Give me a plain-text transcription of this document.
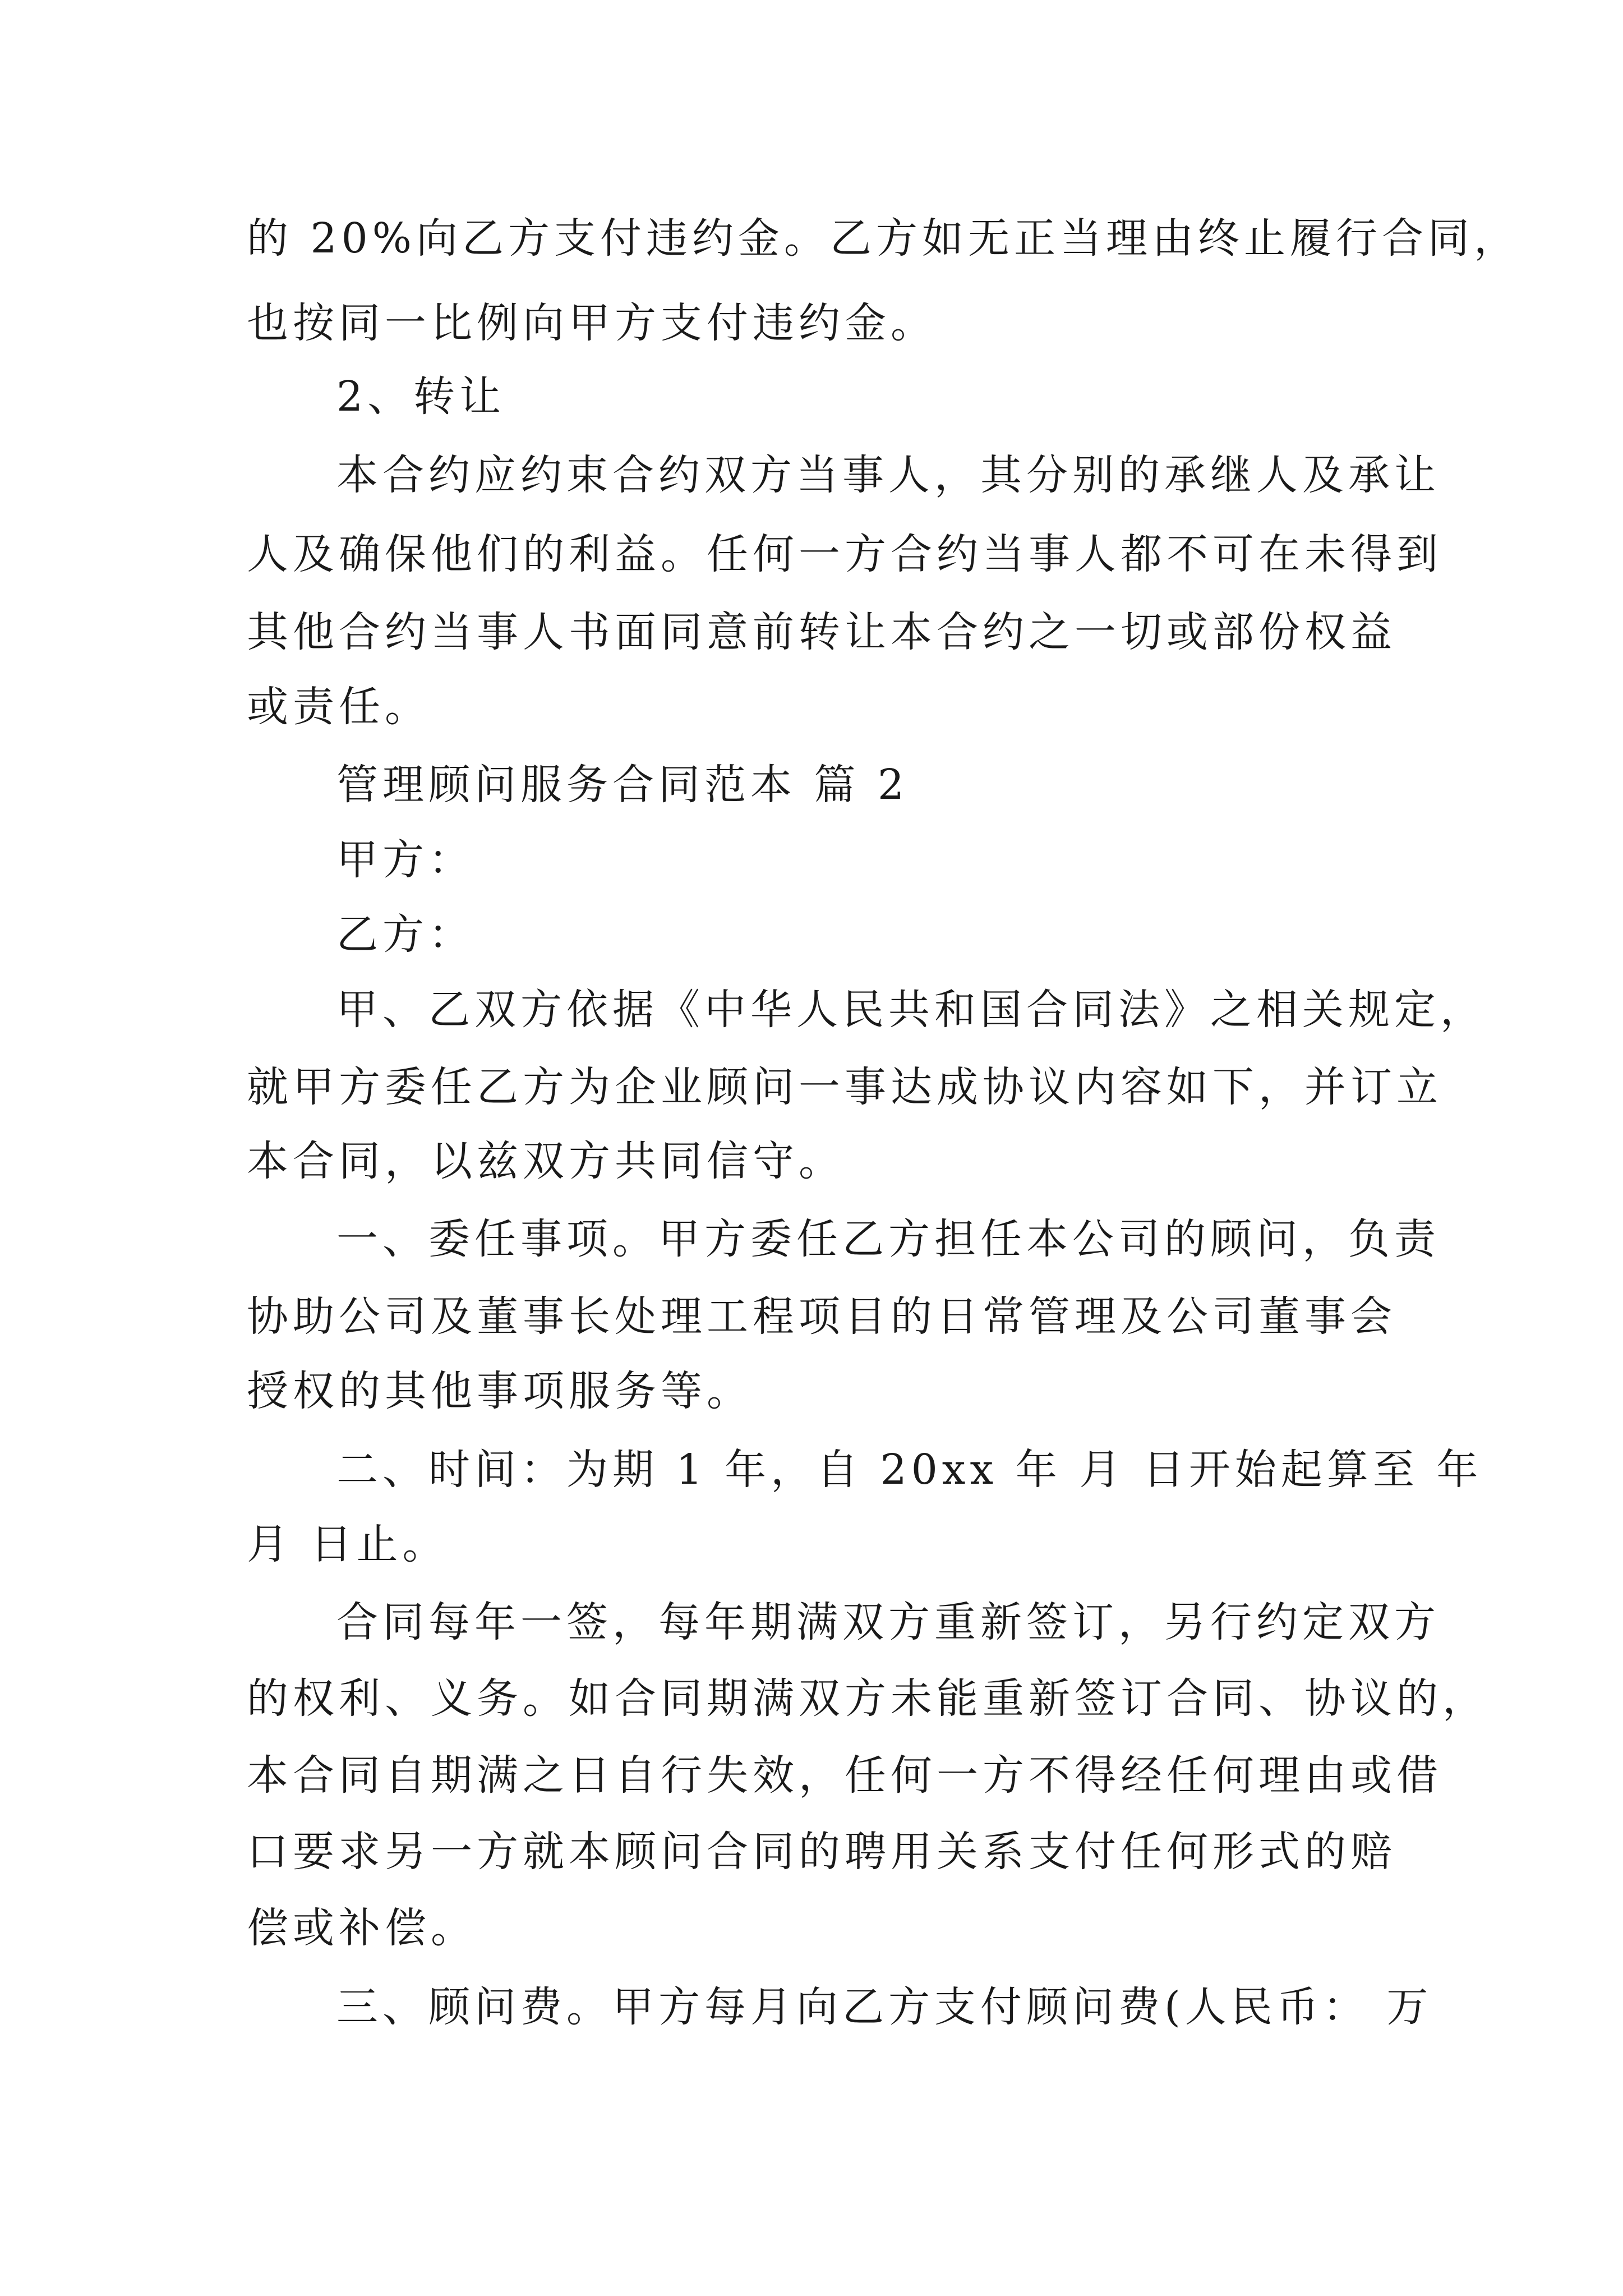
的 20%向乙方支付违约金。乙方如无正当理由终止履行合同，
也按同一比例向甲方支付违约金。
2、转让
本合约应约束合约双方当事人，其分别的承继人及承让
人及确保他们的利益。任何一方合约当事人都不可在未得到
其他合约当事人书面同意前转让本合约之一切或部份权益
或责任。
管理顾问服务合同范本 篇 2
甲方：
乙方：
甲、乙双方依据《中华人民共和国合同法》之相关规定，
就甲方委任乙方为企业顾问一事达成协议内容如下，并订立
本合同，以兹双方共同信守。
一、委任事项。甲方委任乙方担任本公司的顾问，负责
协助公司及董事长处理工程项目的日常管理及公司董事会
授权的其他事项服务等。
二、时间：为期 1 年，自 20xx 年 月 日开始起算至 年
月 日止。
合同每年一签，每年期满双方重新签订，另行约定双方
的权利、义务。如合同期满双方未能重新签订合同、协议的，
本合同自期满之日自行失效，任何一方不得经任何理由或借
口要求另一方就本顾问合同的聘用关系支付任何形式的赔
偿或补偿。
三、顾问费。甲方每月向乙方支付顾问费(人民币： 万
